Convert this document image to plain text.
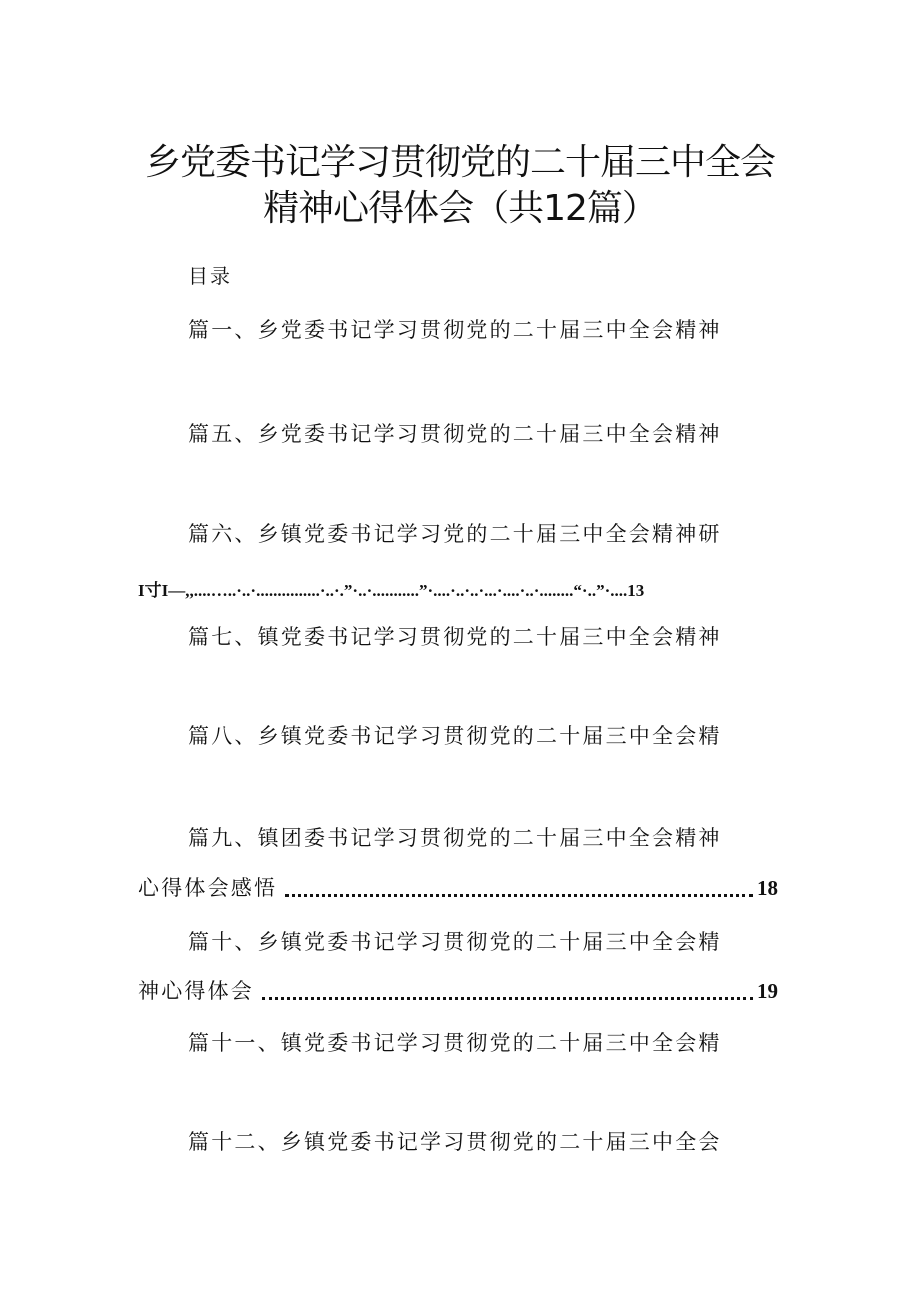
乡党委书记学习贯彻党的二十届三中全会
精神心得体会（共12篇）
目录
篇一、乡党委书记学习贯彻党的二十届三中全会精神
篇五、乡党委书记学习贯彻党的二十届三中全会精神
篇六、乡镇党委书记学习党的二十届三中全会精神研
I寸I—,,....…..·..·...............·..·.”·..·...........”·....·..·..·...·....·..·........“·..”·....13
篇七、镇党委书记学习贯彻党的二十届三中全会精神
篇八、乡镇党委书记学习贯彻党的二十届三中全会精
篇九、镇团委书记学习贯彻党的二十届三中全会精神
心得体会感悟	18
篇十、乡镇党委书记学习贯彻党的二十届三中全会精
神心得体会	19
篇十一、镇党委书记学习贯彻党的二十届三中全会精
篇十二、乡镇党委书记学习贯彻党的二十届三中全会
